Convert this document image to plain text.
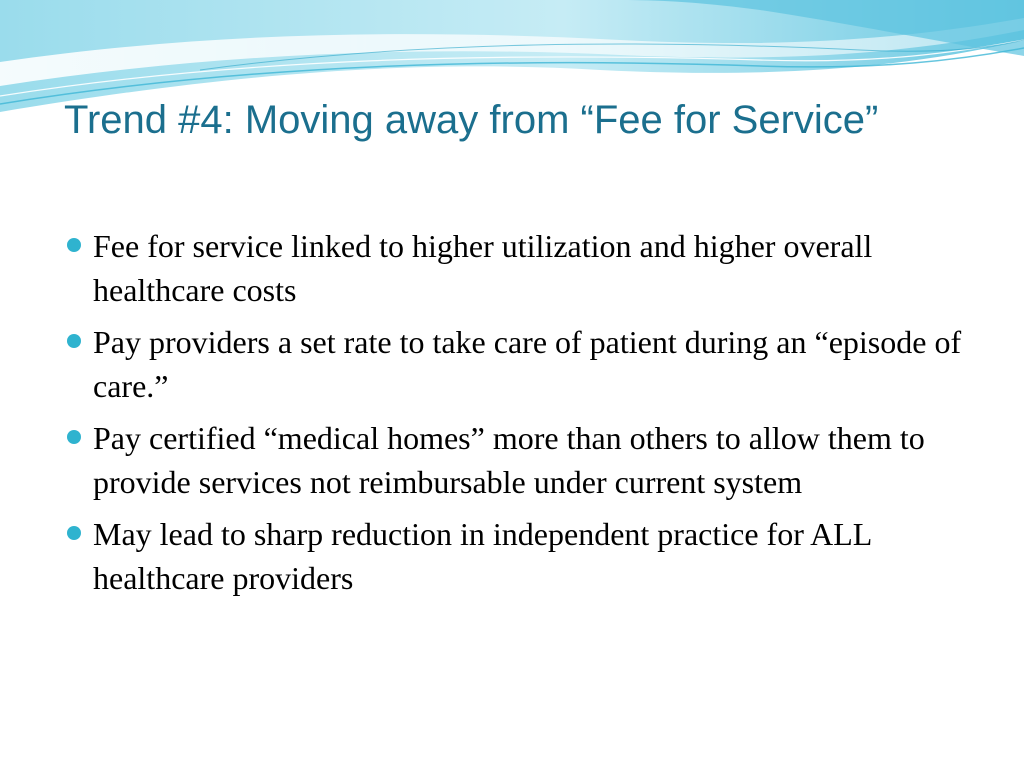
Trend #4: Moving away from “Fee for Service”
Fee for service linked to higher utilization and higher overall healthcare costs
Pay providers a set rate to take care of patient during an “episode of care.”
Pay certified “medical homes” more than others to allow them to provide services not reimbursable under current system
May lead to sharp reduction in independent practice for ALL healthcare providers
